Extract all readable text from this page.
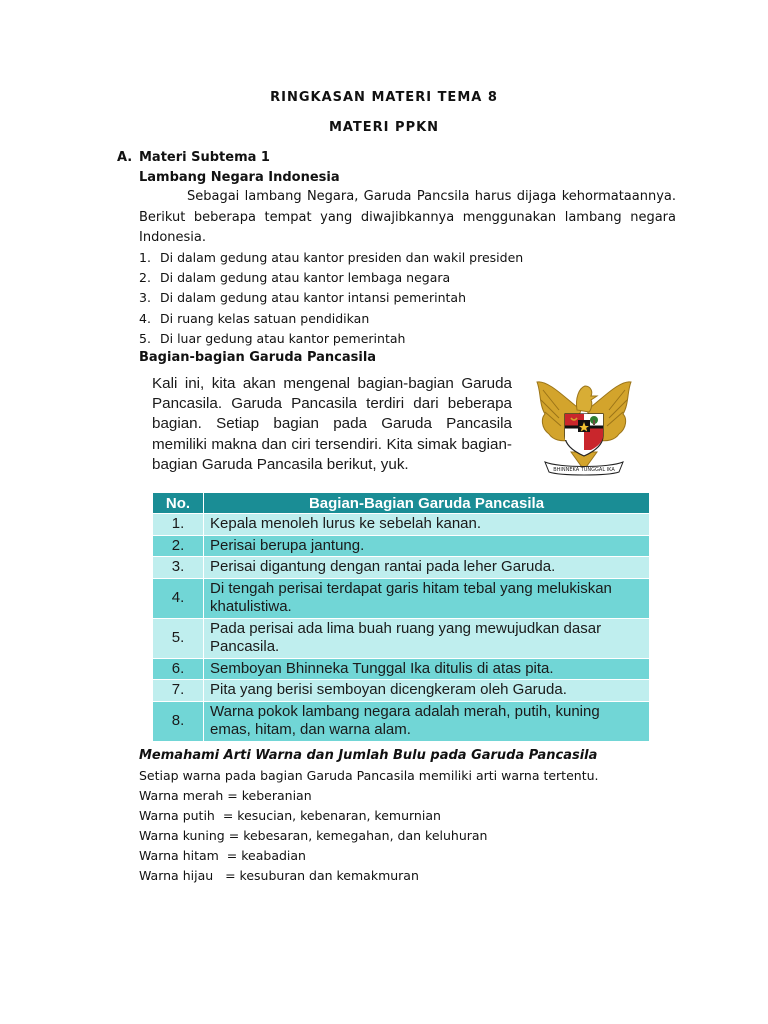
RINGKASAN MATERI TEMA 8
MATERI PPKN
A. Materi Subtema 1
Lambang Negara Indonesia
Sebagai lambang Negara, Garuda Pancsila harus dijaga kehormataannya. Berikut beberapa tempat yang diwajibkannya menggunakan lambang negara Indonesia.
1. Di dalam gedung atau kantor presiden dan wakil presiden
2. Di dalam gedung atau kantor lembaga negara
3. Di dalam gedung atau kantor intansi pemerintah
4. Di ruang kelas satuan pendidikan
5. Di luar gedung atau kantor pemerintah
Bagian-bagian Garuda Pancasila
Kali ini, kita akan mengenal bagian-bagian Garuda Pancasila. Garuda Pancasila terdiri dari beberapa bagian. Setiap bagian pada Garuda Pancasila memiliki makna dan ciri tersendiri. Kita simak bagian-bagian Garuda Pancasila berikut, yuk.	BHINNEKA TUNGGAL IKA
No.	Bagian-Bagian Garuda Pancasila
1.	Kepala menoleh lurus ke sebelah kanan.
2.	Perisai berupa jantung.
3.	Perisai digantung dengan rantai pada leher Garuda.
4.	Di tengah perisai terdapat garis hitam tebal yang melukiskan khatulistiwa.
5.	Pada perisai ada lima buah ruang yang mewujudkan dasar Pancasila.
6.	Semboyan Bhinneka Tunggal Ika ditulis di atas pita.
7.	Pita yang berisi semboyan dicengkeram oleh Garuda.
8.	Warna pokok lambang negara adalah merah, putih, kuning emas, hitam, dan warna alam.
Memahami Arti Warna dan Jumlah Bulu pada Garuda Pancasila
Setiap warna pada bagian Garuda Pancasila memiliki arti warna tertentu.
Warna merah = keberanian
Warna putih = kesucian, kebenaran, kemurnian
Warna kuning = kebesaran, kemegahan, dan keluhuran
Warna hitam = keabadian
Warna hijau = kesuburan dan kemakmuran
